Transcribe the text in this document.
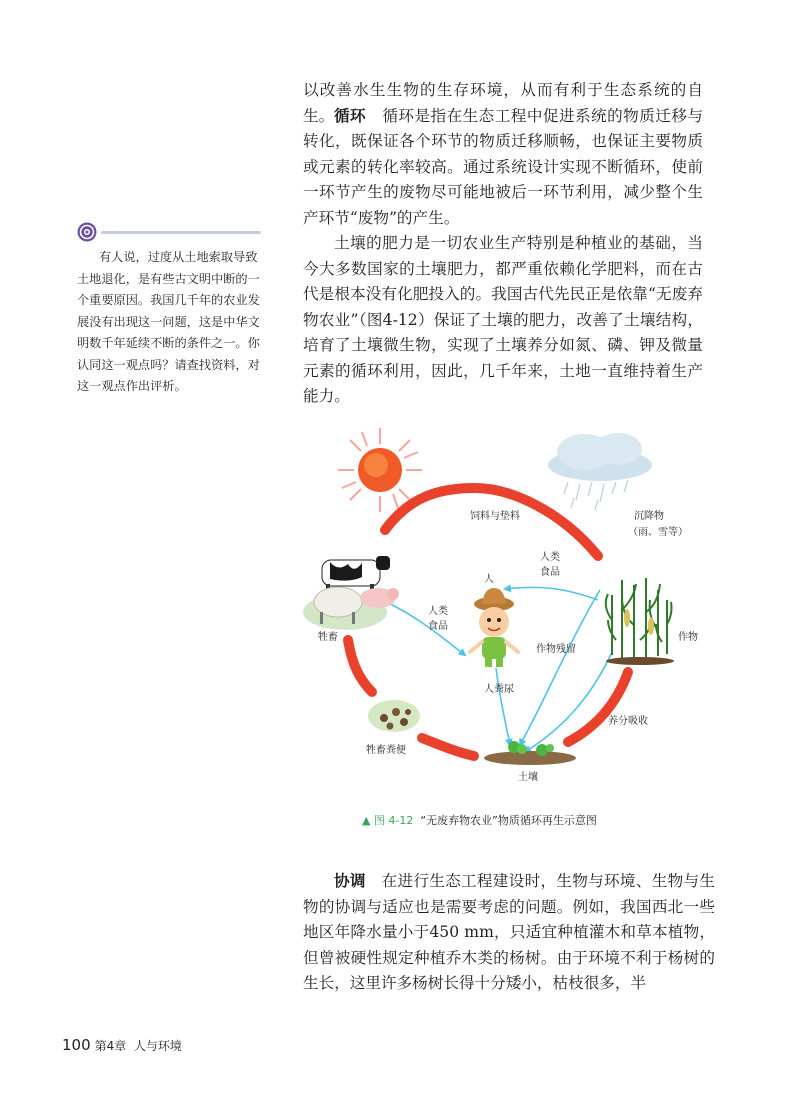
以改善水生生物的生存环境，从而有利于生态系统的自生。 循环 循环是指在生态工程中促进系统的物质迁移与转化，既保证各个环节的物质迁移顺畅，也保证主要物质或元素的转化率较高。通过系统设计实现不断循环，使前一环节产生的废物尽可能地被后一环节利用，减少整个生产环节“废物”的产生。

土壤的肥力是一切农业生产特别是种植业的基础，当今大多数国家的土壤肥力，都严重依赖化学肥料，而在古代是根本没有化肥投入的。我国古代先民正是依靠“无废弃物农业”（图4-12）保证了土壤的肥力，改善了土壤结构，培育了土壤微生物，实现了土壤养分如氮、磷、钾及微量元素的循环利用，因此，几千年来，土地一直维持着生产能力。

有人说，过度从土地索取导致土地退化，是有些古文明中断的一个重要原因。我国几千年的农业发展没有出现这一问题，这是中华文明数千年延续不断的条件之一。你认同这一观点吗？请查找资料，对这一观点作出评析。

饲料与垫料	沉降物
（雨、雪等）
人类
食品
人
人类
食品
牲畜
作物残留
作物
人粪尿
养分吸收
牲畜粪便
土壤

▲ 图 4-12 “无废弃物农业”物质循环再生示意图

协调 在进行生态工程建设时，生物与环境、生物与生物的协调与适应也是需要考虑的问题。例如，我国西北一些地区年降水量小于450 mm，只适宜种植灌木和草本植物，但曾被硬性规定种植乔木类的杨树。由于环境不利于杨树的生长，这里许多杨树长得十分矮小，枯枝很多，半

100 第4章 人与环境
